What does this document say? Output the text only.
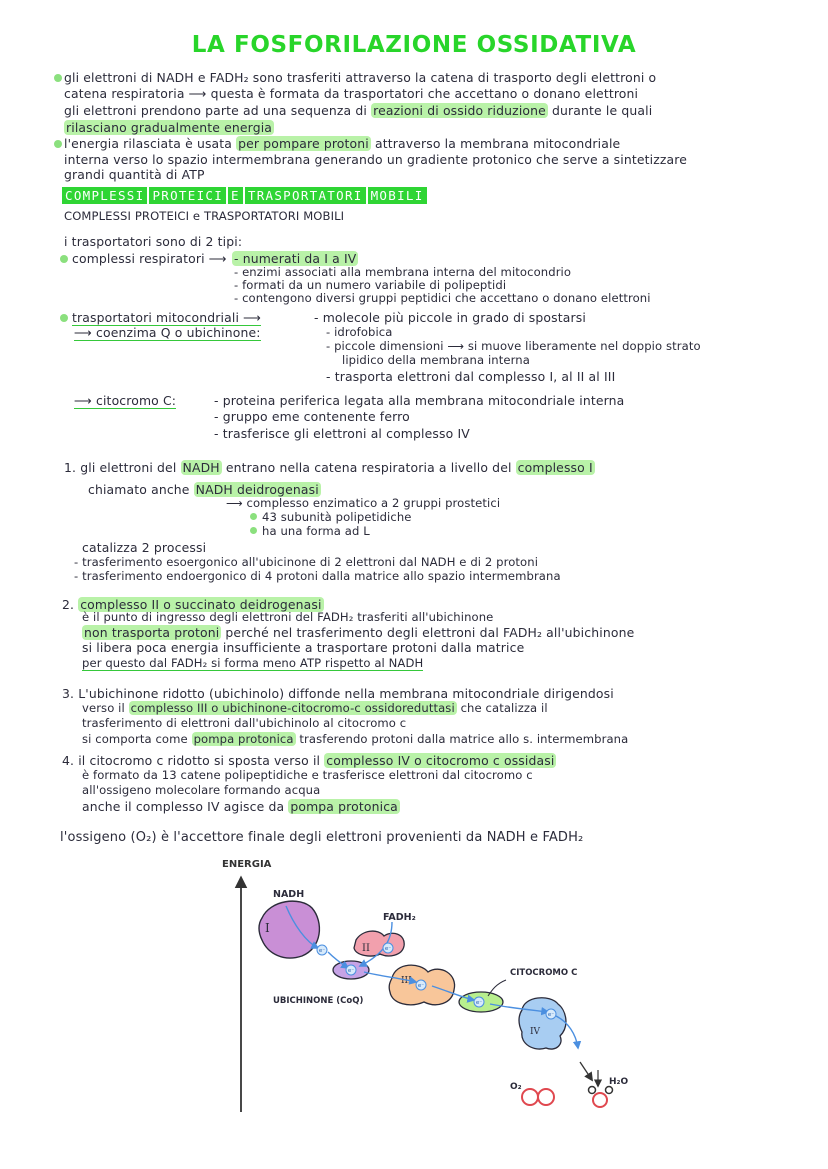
LA FOSFORILAZIONE OSSIDATIVA
gli elettroni di NADH e FADH₂ sono trasferiti attraverso la catena di trasporto degli elettroni o
catena respiratoria ⟶ questa è formata da trasportatori che accettano o donano elettroni
gli elettroni prendono parte ad una sequenza di reazioni di ossido riduzione durante le quali
rilasciano gradualmente energia
l'energia rilasciata è usata per pompare protoni attraverso la membrana mitocondriale
interna verso lo spazio intermembrana generando un gradiente protonico che serve a sintetizzare
grandi quantità di ATP
COMPLESSI PROTEICI E TRASPORTATORI MOBILI
COMPLESSI PROTEICI e TRASPORTATORI MOBILI
i trasportatori sono di 2 tipi:
complessi respiratori ⟶ - numerati da I a IV
- enzimi associati alla membrana interna del mitocondrio
- formati da un numero variabile di polipeptidi
- contengono diversi gruppi peptidici che accettano o donano elettroni
trasportatori mitocondriali ⟶	- molecole più piccole in grado di spostarsi
⟶ coenzima Q o ubichinone:	- idrofobica
- piccole dimensioni ⟶ si muove liberamente nel doppio strato
lipidico della membrana interna
- trasporta elettroni dal complesso I, al II al III
⟶ citocromo C:	- proteina periferica legata alla membrana mitocondriale interna
- gruppo eme contenente ferro
- trasferisce gli elettroni al complesso IV
1. gli elettroni del NADH entrano nella catena respiratoria a livello del complesso I
chiamato anche NADH deidrogenasi
⟶ complesso enzimatico a 2 gruppi prostetici
43 subunità polipetidiche
ha una forma ad L
catalizza 2 processi
- trasferimento esoergonico all'ubicinone di 2 elettroni dal NADH e di 2 protoni
- trasferimento endoergonico di 4 protoni dalla matrice allo spazio intermembrana
2. complesso II o succinato deidrogenasi
è il punto di ingresso degli elettroni del FADH₂ trasferiti all'ubichinone
non trasporta protoni perché nel trasferimento degli elettroni dal FADH₂ all'ubichinone
si libera poca energia insufficiente a trasportare protoni dalla matrice
per questo dal FADH₂ si forma meno ATP rispetto al NADH
3. L'ubichinone ridotto (ubichinolo) diffonde nella membrana mitocondriale dirigendosi
verso il complesso III o ubichinone-citocromo-c ossidoreduttasi che catalizza il
trasferimento di elettroni dall'ubichinolo al citocromo c
si comporta come pompa protonica trasferendo protoni dalla matrice allo s. intermembrana
4. il citocromo c ridotto si sposta verso il complesso IV o citocromo c ossidasi
è formato da 13 catene polipeptidiche e trasferisce elettroni dal citocromo c
all'ossigeno molecolare formando acqua
anche il complesso IV agisce da pompa protonica
l'ossigeno (O₂) è l'accettore finale degli elettroni provenienti da NADH e FADH₂
ENERGIA
I
NADH
II
FADH₂
UBICHINONE (CoQ)
III
CITOCROMO C
IV
e⁻
e⁻
e⁻
e⁻
e⁻
e⁻
O₂	H₂O
